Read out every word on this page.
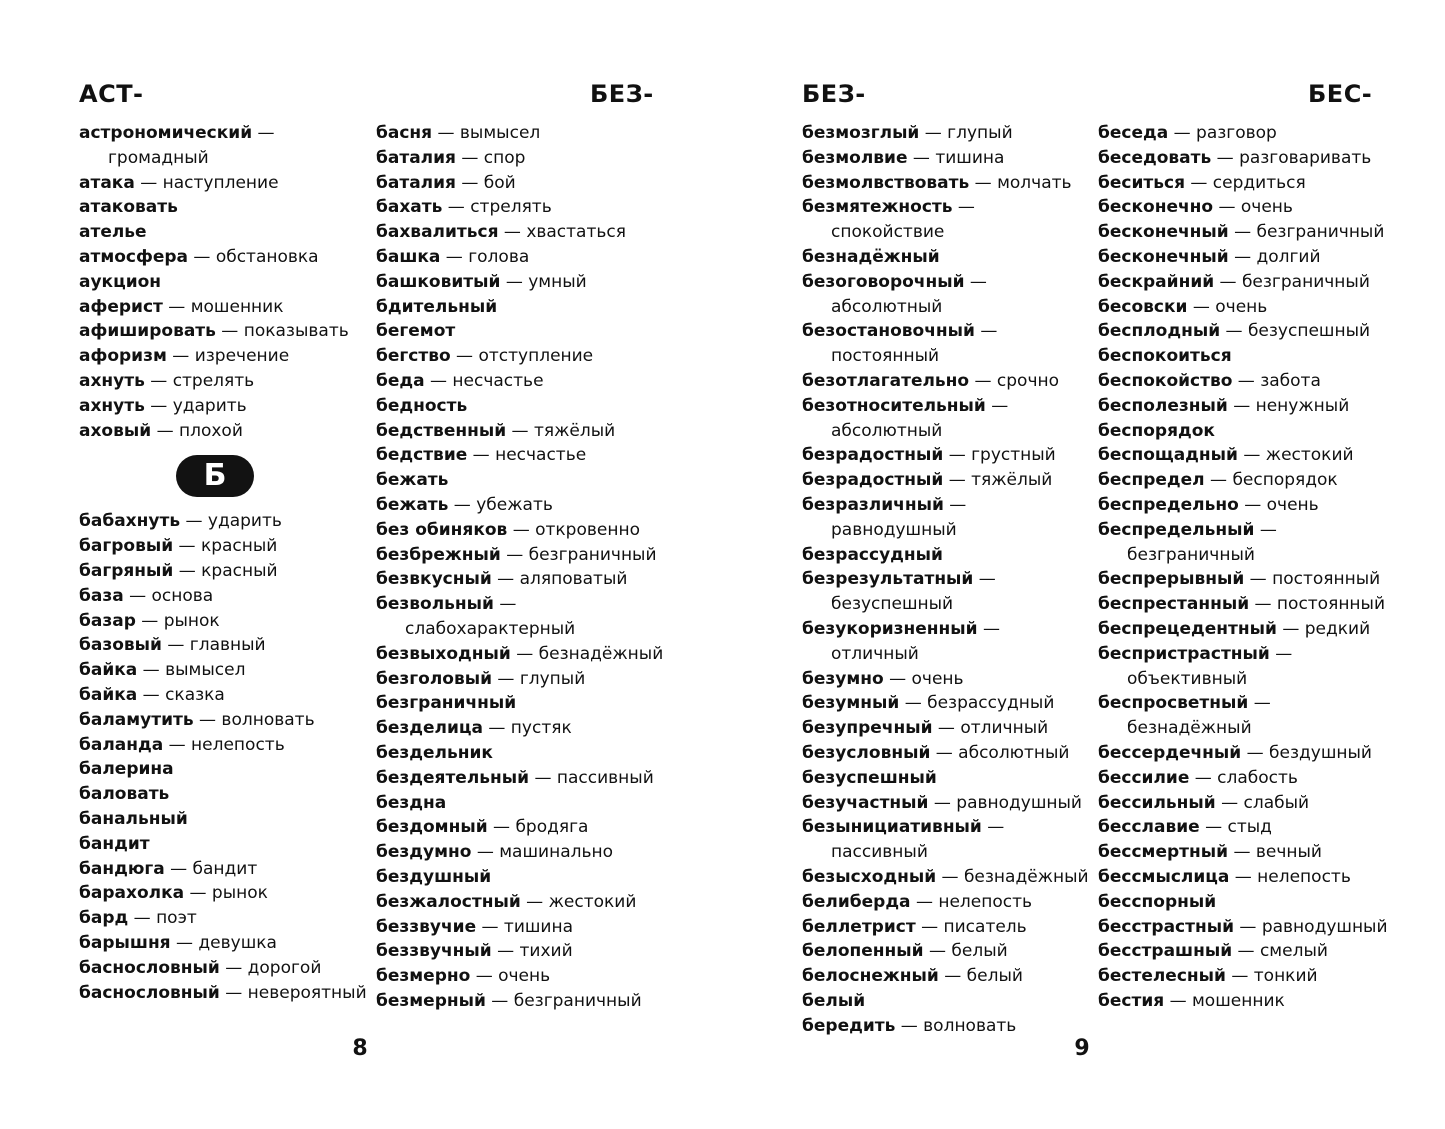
АСТ-	БЕЗ-
астрономический —
громадный
атака — наступление
атаковать
ателье
атмосфера — обстановка
аукцион
аферист — мошенник
афишировать — показывать
афоризм — изречение
ахнуть — стрелять
ахнуть — ударить
аховый — плохой
Б
бабахнуть — ударить
багровый — красный
багряный — красный
база — основа
базар — рынок
базовый — главный
байка — вымысел
байка — сказка
баламутить — волновать
баланда — нелепость
балерина
баловать
банальный
бандит
бандюга — бандит
барахолка — рынок
бард — поэт
барышня — девушка
баснословный — дорогой
баснословный — невероятный
басня — вымысел
баталия — спор
баталия — бой
бахать — стрелять
бахвалиться — хвастаться
башка — голова
башковитый — умный
бдительный
бегемот
бегство — отступление
беда — несчастье
бедность
бедственный — тяжёлый
бедствие — несчастье
бежать
бежать — убежать
без обиняков — откровенно
безбрежный — безграничный
безвкусный — аляповатый
безвольный —
слабохарактерный
безвыходный — безнадёжный
безголовый — глупый
безграничный
безделица — пустяк
бездельник
бездеятельный — пассивный
бездна
бездомный — бродяга
бездумно — машинально
бездушный
безжалостный — жестокий
беззвучие — тишина
беззвучный — тихий
безмерно — очень
безмерный — безграничный
8
БЕЗ-	БЕС-
безмозглый — глупый
безмолвие — тишина
безмолвствовать — молчать
безмятежность —
спокойствие
безнадёжный
безоговорочный —
абсолютный
безостановочный —
постоянный
безотлагательно — срочно
безотносительный —
абсолютный
безрадостный — грустный
безрадостный — тяжёлый
безразличный —
равнодушный
безрассудный
безрезультатный —
безуспешный
безукоризненный —
отличный
безумно — очень
безумный — безрассудный
безупречный — отличный
безусловный — абсолютный
безуспешный
безучастный — равнодушный
безынициативный —
пассивный
безысходный — безнадёжный
белиберда — нелепость
беллетрист — писатель
белопенный — белый
белоснежный — белый
белый
бередить — волновать
беседа — разговор
беседовать — разговаривать
беситься — сердиться
бесконечно — очень
бесконечный — безграничный
бесконечный — долгий
бескрайний — безграничный
бесовски — очень
бесплодный — безуспешный
беспокоиться
беспокойство — забота
бесполезный — ненужный
беспорядок
беспощадный — жестокий
беспредел — беспорядок
беспредельно — очень
беспредельный —
безграничный
беспрерывный — постоянный
беспрестанный — постоянный
беспрецедентный — редкий
беспристрастный —
объективный
беспросветный —
безнадёжный
бессердечный — бездушный
бессилие — слабость
бессильный — слабый
бесславие — стыд
бессмертный — вечный
бессмыслица — нелепость
бесспорный
бесстрастный — равнодушный
бесстрашный — смелый
бестелесный — тонкий
бестия — мошенник
9
